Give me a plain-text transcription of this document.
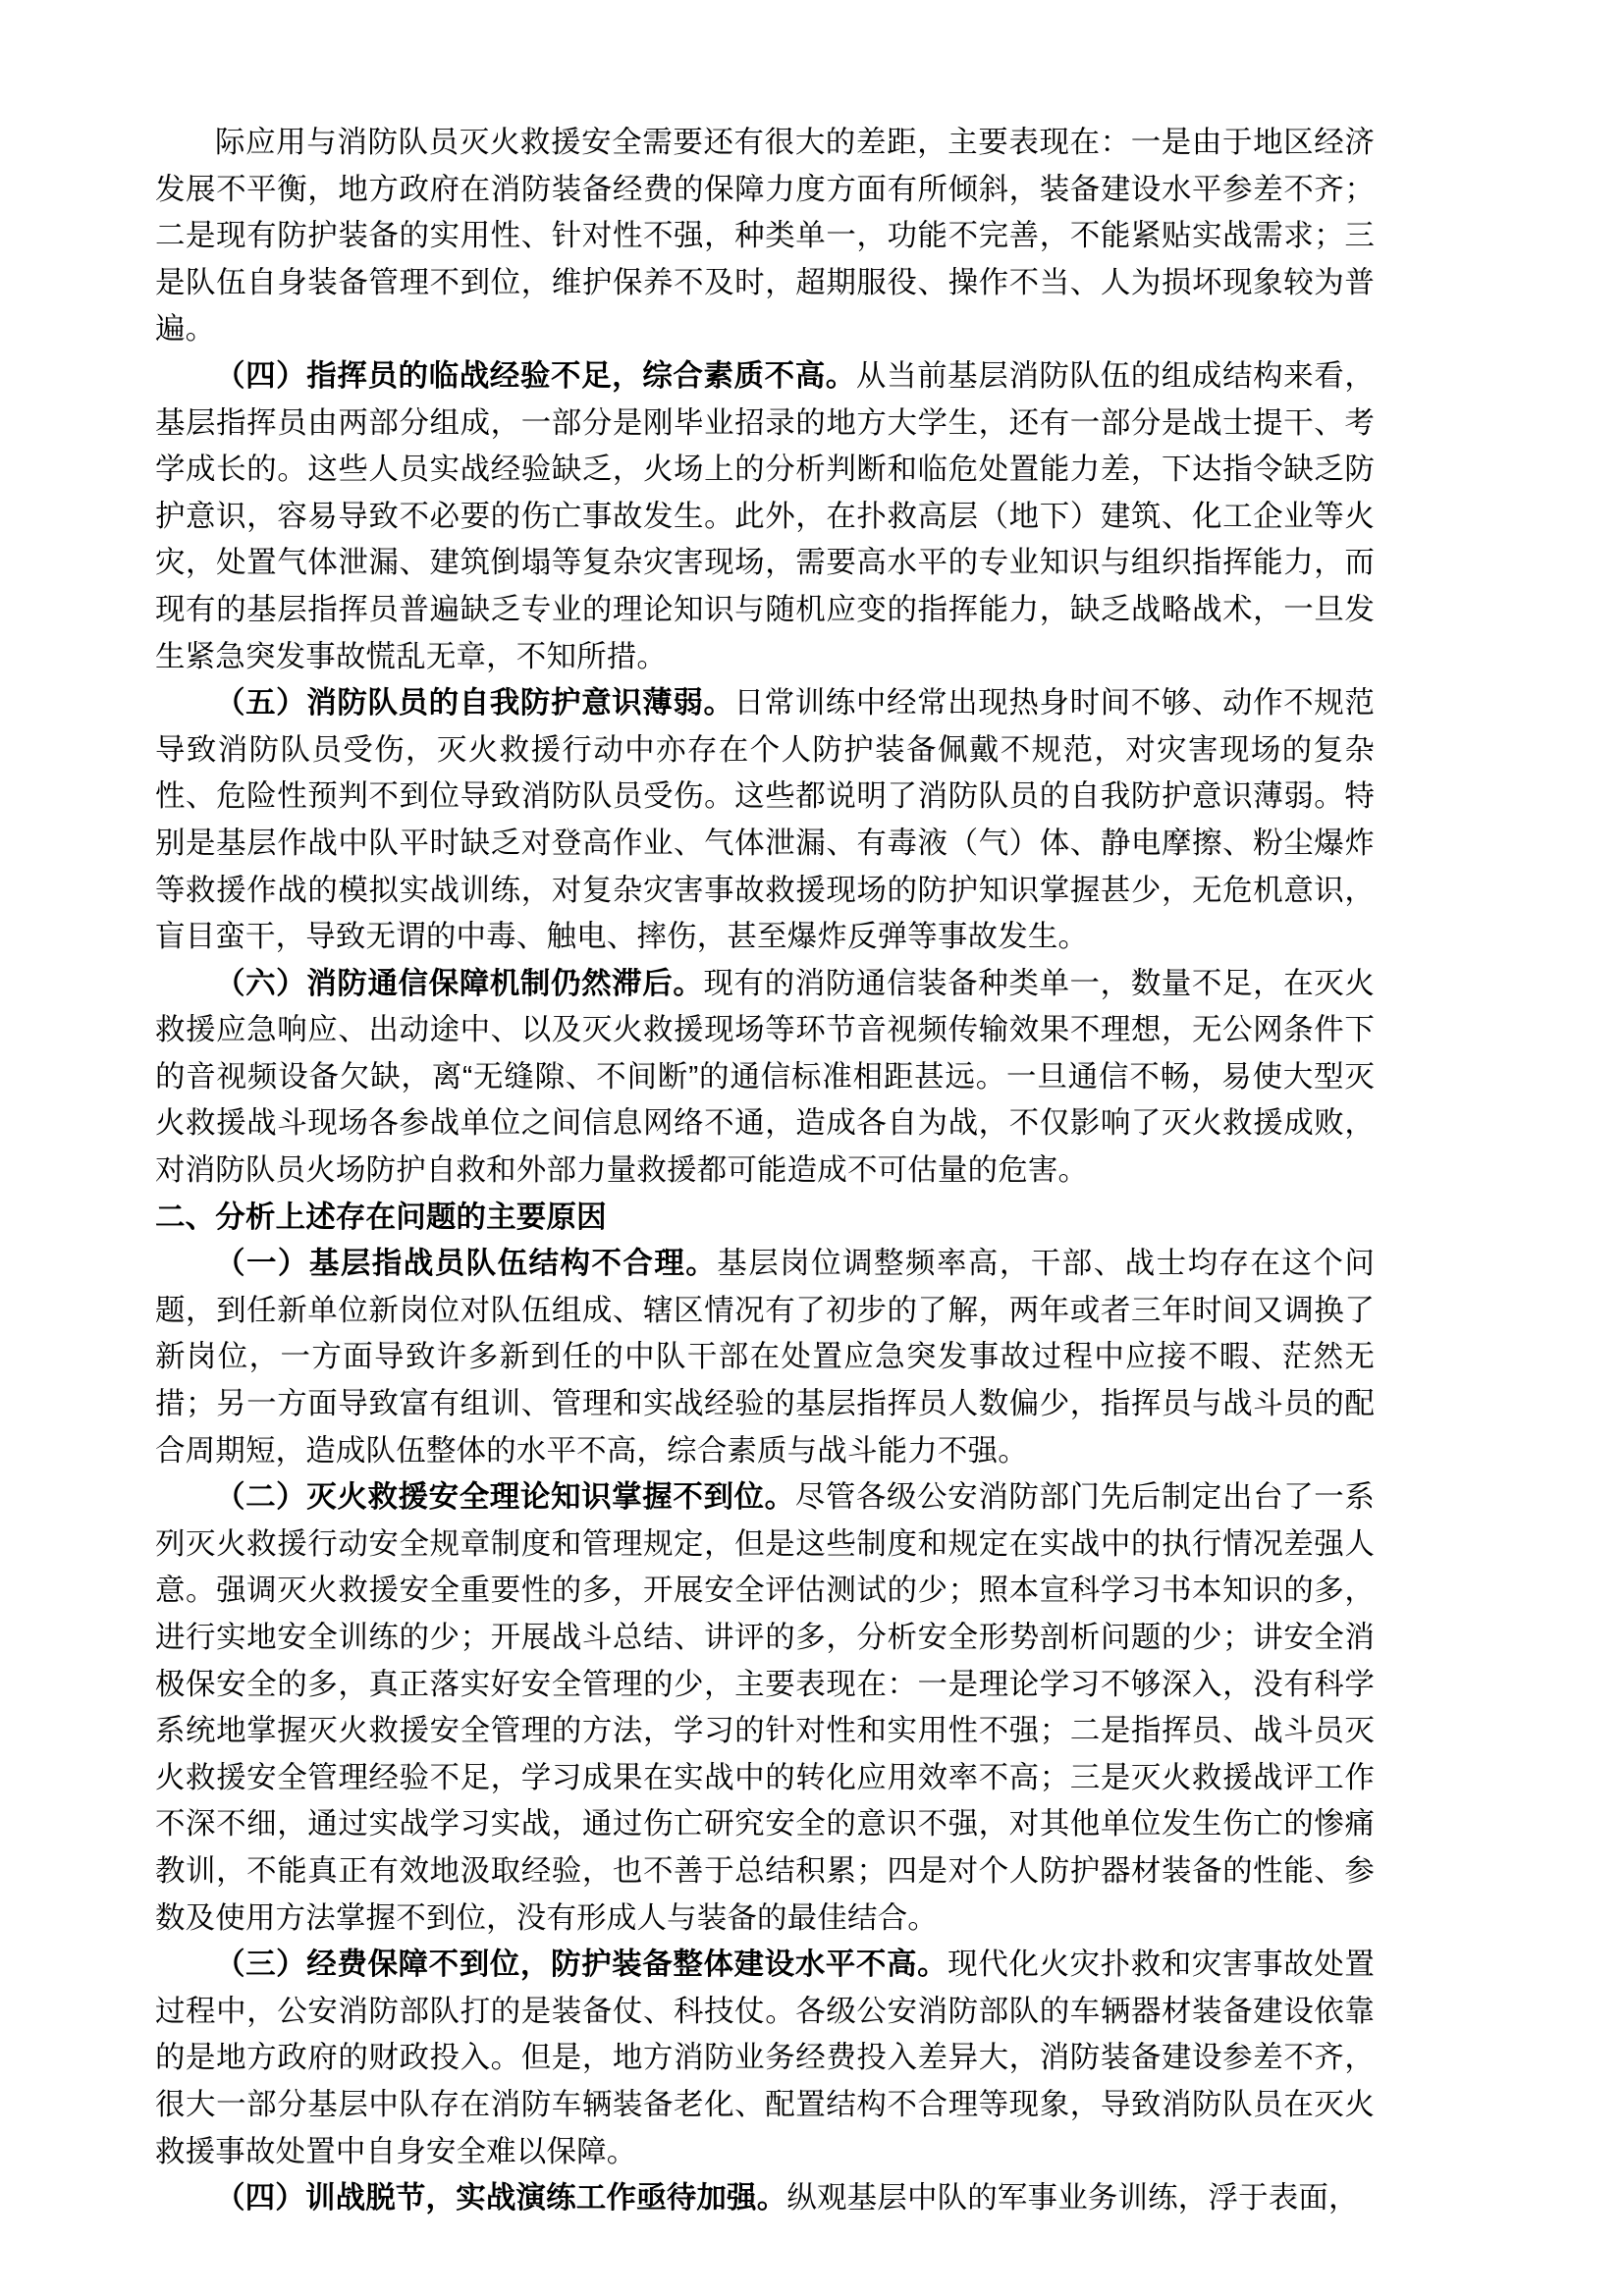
际应用与消防队员灭火救援安全需要还有很大的差距，主要表现在：一是由于地区经济发展不平衡，地方政府在消防装备经费的保障力度方面有所倾斜，装备建设水平参差不齐；二是现有防护装备的实用性、针对性不强，种类单一，功能不完善，不能紧贴实战需求；三是队伍自身装备管理不到位，维护保养不及时，超期服役、操作不当、人为损坏现象较为普遍。

（四）指挥员的临战经验不足，综合素质不高。从当前基层消防队伍的组成结构来看，基层指挥员由两部分组成，一部分是刚毕业招录的地方大学生，还有一部分是战士提干、考学成长的。这些人员实战经验缺乏，火场上的分析判断和临危处置能力差，下达指令缺乏防护意识，容易导致不必要的伤亡事故发生。此外，在扑救高层（地下）建筑、化工企业等火灾，处置气体泄漏、建筑倒塌等复杂灾害现场，需要高水平的专业知识与组织指挥能力，而现有的基层指挥员普遍缺乏专业的理论知识与随机应变的指挥能力，缺乏战略战术，一旦发生紧急突发事故慌乱无章，不知所措。

（五）消防队员的自我防护意识薄弱。日常训练中经常出现热身时间不够、动作不规范导致消防队员受伤，灭火救援行动中亦存在个人防护装备佩戴不规范，对灾害现场的复杂性、危险性预判不到位导致消防队员受伤。这些都说明了消防队员的自我防护意识薄弱。特别是基层作战中队平时缺乏对登高作业、气体泄漏、有毒液（气）体、静电摩擦、粉尘爆炸等救援作战的模拟实战训练，对复杂灾害事故救援现场的防护知识掌握甚少，无危机意识，盲目蛮干，导致无谓的中毒、触电、摔伤，甚至爆炸反弹等事故发生。

（六）消防通信保障机制仍然滞后。现有的消防通信装备种类单一，数量不足，在灭火救援应急响应、出动途中、以及灭火救援现场等环节音视频传输效果不理想，无公网条件下的音视频设备欠缺，离“无缝隙、不间断”的通信标准相距甚远。一旦通信不畅，易使大型灭火救援战斗现场各参战单位之间信息网络不通，造成各自为战，不仅影响了灭火救援成败，对消防队员火场防护自救和外部力量救援都可能造成不可估量的危害。

二、分析上述存在问题的主要原因

（一）基层指战员队伍结构不合理。基层岗位调整频率高，干部、战士均存在这个问题，到任新单位新岗位对队伍组成、辖区情况有了初步的了解，两年或者三年时间又调换了新岗位，一方面导致许多新到任的中队干部在处置应急突发事故过程中应接不暇、茫然无措；另一方面导致富有组训、管理和实战经验的基层指挥员人数偏少，指挥员与战斗员的配合周期短，造成队伍整体的水平不高，综合素质与战斗能力不强。

（二）灭火救援安全理论知识掌握不到位。尽管各级公安消防部门先后制定出台了一系列灭火救援行动安全规章制度和管理规定，但是这些制度和规定在实战中的执行情况差强人意。强调灭火救援安全重要性的多，开展安全评估测试的少；照本宣科学习书本知识的多，进行实地安全训练的少；开展战斗总结、讲评的多，分析安全形势剖析问题的少；讲安全消极保安全的多，真正落实好安全管理的少，主要表现在：一是理论学习不够深入，没有科学系统地掌握灭火救援安全管理的方法，学习的针对性和实用性不强；二是指挥员、战斗员灭火救援安全管理经验不足，学习成果在实战中的转化应用效率不高；三是灭火救援战评工作不深不细，通过实战学习实战，通过伤亡研究安全的意识不强，对其他单位发生伤亡的惨痛教训，不能真正有效地汲取经验，也不善于总结积累；四是对个人防护器材装备的性能、参数及使用方法掌握不到位，没有形成人与装备的最佳结合。

（三）经费保障不到位，防护装备整体建设水平不高。现代化火灾扑救和灾害事故处置过程中，公安消防部队打的是装备仗、科技仗。各级公安消防部队的车辆器材装备建设依靠的是地方政府的财政投入。但是，地方消防业务经费投入差异大，消防装备建设参差不齐，很大一部分基层中队存在消防车辆装备老化、配置结构不合理等现象，导致消防队员在灭火救援事故处置中自身安全难以保障。

（四）训战脱节，实战演练工作亟待加强。纵观基层中队的军事业务训练，浮于表面，
